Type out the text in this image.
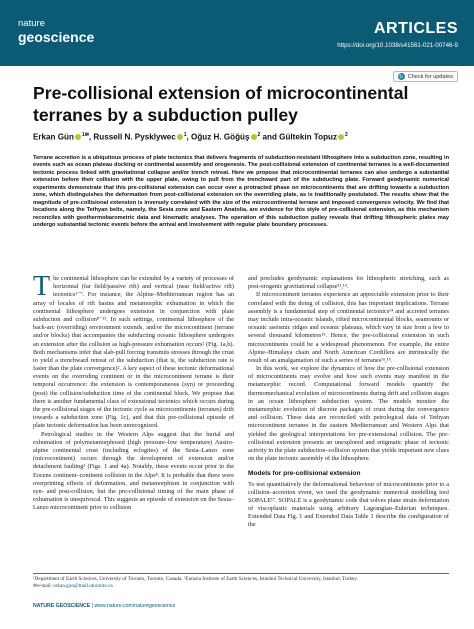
nature
geoscience	ARTICLES
https://doi.org/10.1038/s41561-021-00746-9
↻ Check for updates
Pre-collisional extension of microcontinental terranes by a subduction pulley
Erkan Gün $^{1✉}$, Russell N. Pysklywec $^1$, Oğuz H. Göğüş $^2$ and Gültekin Topuz $^2$

Terrane accretion is a ubiquitous process of plate tectonics that delivers fragments of subduction-resistant lithosphere into a subduction zone, resulting in events such as ocean plateau docking or continental assembly and orogenesis. The post-collisional extension of continental terranes is a well-documented tectonic process linked with gravitational collapse and/or trench retreat. Here we propose that microcontinental terranes can also undergo a substantial extension before their collision with the upper plate, owing to pull from the trenchward part of the subducting plate. Forward geodynamic numerical experiments demonstrate that this pre-collisional extension can occur over a protracted phase on microcontinents that are drifting towards a subduction zone, which distinguishes the deformation from post-collisional extension on the overriding plate, as is traditionally postulated. The results show that the magnitude of pre-collisional extension is inversely correlated with the size of the microcontinental terrane and imposed convergence velocity. We find that locations along the Tethyan belts, namely, the Sesia zone and Eastern Anatolia, are evidence for this style of pre-collisional extension, as this mechanism reconciles with geothermobarometric data and kinematic analyses. The operation of this subduction pulley reveals that drifting lithospheric plates may undergo substantial tectonic events before the arrival and involvement with regular plate boundary processes.

The continental lithosphere can be extended by a variety of processes of horizontal (far field/passive rift) and vertical (near field/active rift) tectonics¹⁻⁷. For instance, the Alpine–Mediterranean region has an array of locales of rift basins and metamorphic exhumation in which the continental lithosphere undergoes extension in conjunction with plate subduction and collision⁸⁻¹¹. In such settings, continental lithosphere of the back-arc (overriding) environment extends, and/or the microcontinent (terrane and/or blocks) that accompanies the subducting oceanic lithosphere undergoes an extension after the collision as high-pressure exhumation occurs² (Fig. 1a,b). Both mechanisms infer that slab-pull forcing transmits stresses through the crust to yield a trenchward retreat of the subduction (that is, the subduction rate is faster than the plate convergence)². A key aspect of these tectonic deformational events on the overriding continent or in the microcontinent terrane is their temporal occurrence: the extension is contemporaneous (syn) or proceeding (post) the collision/subduction time of the continental block. We propose that there is another fundamental class of extensional tectonics which occurs during the pre-collisional stages of the tectonic cycle as microcontinents (terranes) drift towards a subduction zone (Fig. 1c), and that this pre-collisional episode of plate tectonic deformation has been unrecognized.

Petrological studies in the Western Alps suggest that the burial and exhumation of polymetamorphosed (high pressure–low temperature) Austro-alpine continental crust (including eclogites) of the Sesia–Lanzo zone (microcontinent) occurs through the development of extension and/or detachment faulting¹ (Figs. 1 and 4a). Notably, these events occur prior to the Eocene continent–continent collision in the Alps⁸. It is probable that there were overprinting effects of deformation, and metamorphism in conjunction with syn- and post-collision, but the pre-collisional timing of the main phase of exhumation is unequivocal. This suggests an episode of extension on the Sesia–Lanzo microcontinent prior to collision

and precludes geodynamic explanations for lithospheric stretching, such as post-orogenic gravitational collapse¹²,¹³.

If microcontinent terranes experience an appreciable extension prior to their correlated with the doing of collision, this has important implications. Terrane assembly is a fundamental step of continental tectonics¹⁴ and accreted terranes may include intra-oceanic islands, rifted microcontinental blocks, seamounts or oceanic aseismic ridges and oceanic plateaus, which vary in size from a few to several thousand kilometres¹⁵. Hence, the pre-collisional extension in such microcontinents could be a widespread phenomenon. For example, the entire Alpine–Himalaya chain and North American Cordillera are intrinsically the result of an amalgamation of such a series of terranes¹⁵,¹⁶.

In this work, we explore the dynamics of how the pre-collisional extension of microcontinents may evolve and how such events may manifest in the metamorphic record. Computational forward models quantify the thermomechanical evolution of microcontinents during drift and collision stages in an ocean lithosphere subduction system. The models monitor the metamorphic evolution of discrete packages of crust during the convergence and collision. These data are reconciled with petrological data of Tethyan microcontinent terranes in the eastern Mediterranean and Western Alps that yielded the geological interpretations for pre-extensional collision. The pre-collisional extension presents an unexplored and enigmatic phase of tectonic activity in the plate subduction–collision system that yields important new clues on the plate tectonic assembly of the lithosphere.

Models for pre-collisional extension

To test quantitatively the deformational behaviour of microcontinents prior to a collision–accretion event, we used the geodynamic numerical modelling tool SOPALE¹⁷. SOPALE is a geodynamic code that solves plane strain deformation of viscoplastic materials using arbitrary Lagrangian–Eulerian techniques. Extended Data Fig. 1 and Extended Data Table 1 describe the configuration of the

¹Department of Earth Sciences, University of Toronto, Toronto, Canada. ²Eurasia Institute of Earth Sciences, Istanbul Technical University, Istanbul, Turkey.
✉e-mail: erkan.gun@mail.utoronto.ca
NATURE GEOSCIENCE | www.nature.com/naturegeoscience
